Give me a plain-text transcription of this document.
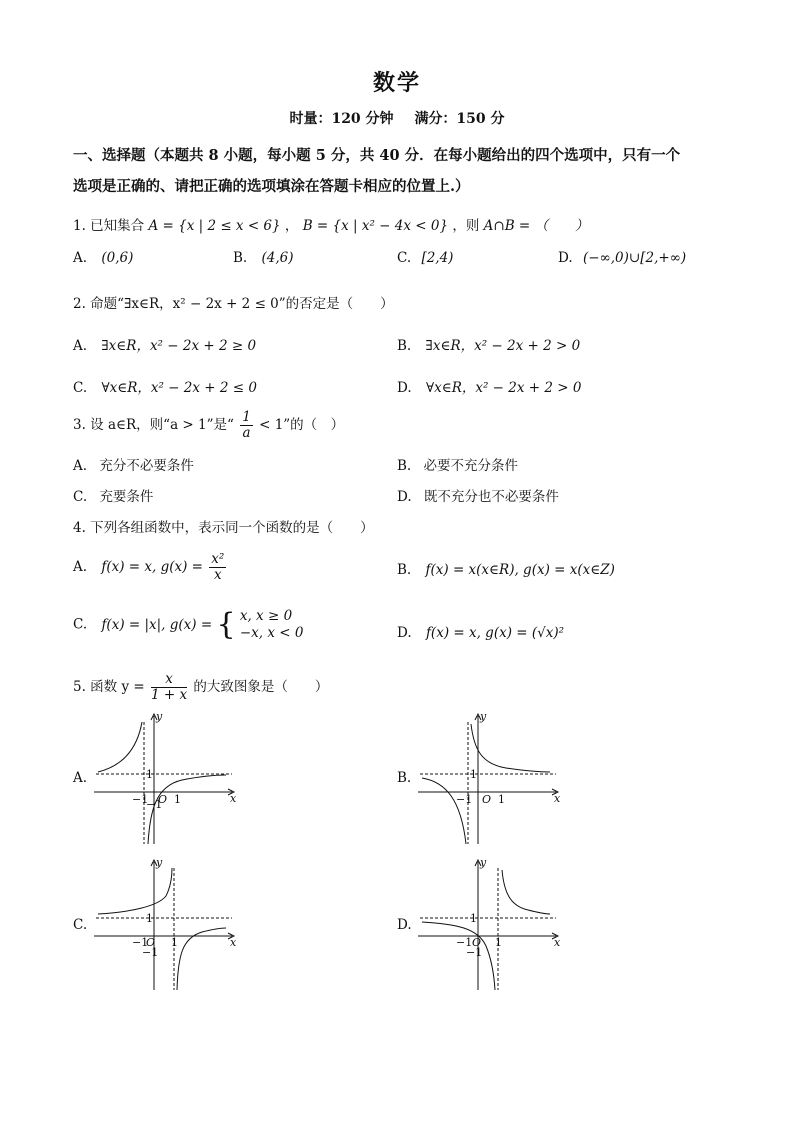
数学
时量：120 分钟 满分：150 分
一、选择题（本题共 8 小题，每小题 5 分，共 40 分．在每小题给出的四个选项中，只有一个
选项是正确的、请把正确的选项填涂在答题卡相应的位置上.）
1. 已知集合 A = {x | 2 ≤ x < 6} ， B = {x | x² − 4x < 0} ，则 A∩B = （　　）
A. (0,6)	B. (4,6)	C. [2,4)	D. (−∞,0)∪[2,+∞)
2. 命题“∃x∈R，x² − 2x + 2 ≤ 0”的否定是（　　）
A. ∃x∈R，x² − 2x + 2 ≥ 0	B. ∃x∈R，x² − 2x + 2 > 0
C. ∀x∈R，x² − 2x + 2 ≤ 0	D. ∀x∈R，x² − 2x + 2 > 0
3. 设 a∈R，则“a > 1”是“ $\frac{1}{a} < 1$”的（　）
A. 充分不必要条件	B. 必要不充分条件
C. 充要条件	D. 既不充分也不必要条件
4. 下列各组函数中，表示同一个函数的是（　　）
A. f(x) = x, $g(x) = \frac{\text{x²}}{x}$	B. f(x) = x(x∈R), g(x) = x(x∈Z)
C. f(x) = |x|, g(x) = { x, x ≥ 0
−x, x < 0	D. f(x) = x, g(x) = (√x)²
5. 函数 $y = \frac{x}{1 + x}$ 的大致图象是（　　）
A.	B.
C.	D.
y
x
O
1
1
−1
−1
y
x
O
1
1
−1
y
x
O
1
1
−1
−1
y
x
O
1
1
−1
−1
